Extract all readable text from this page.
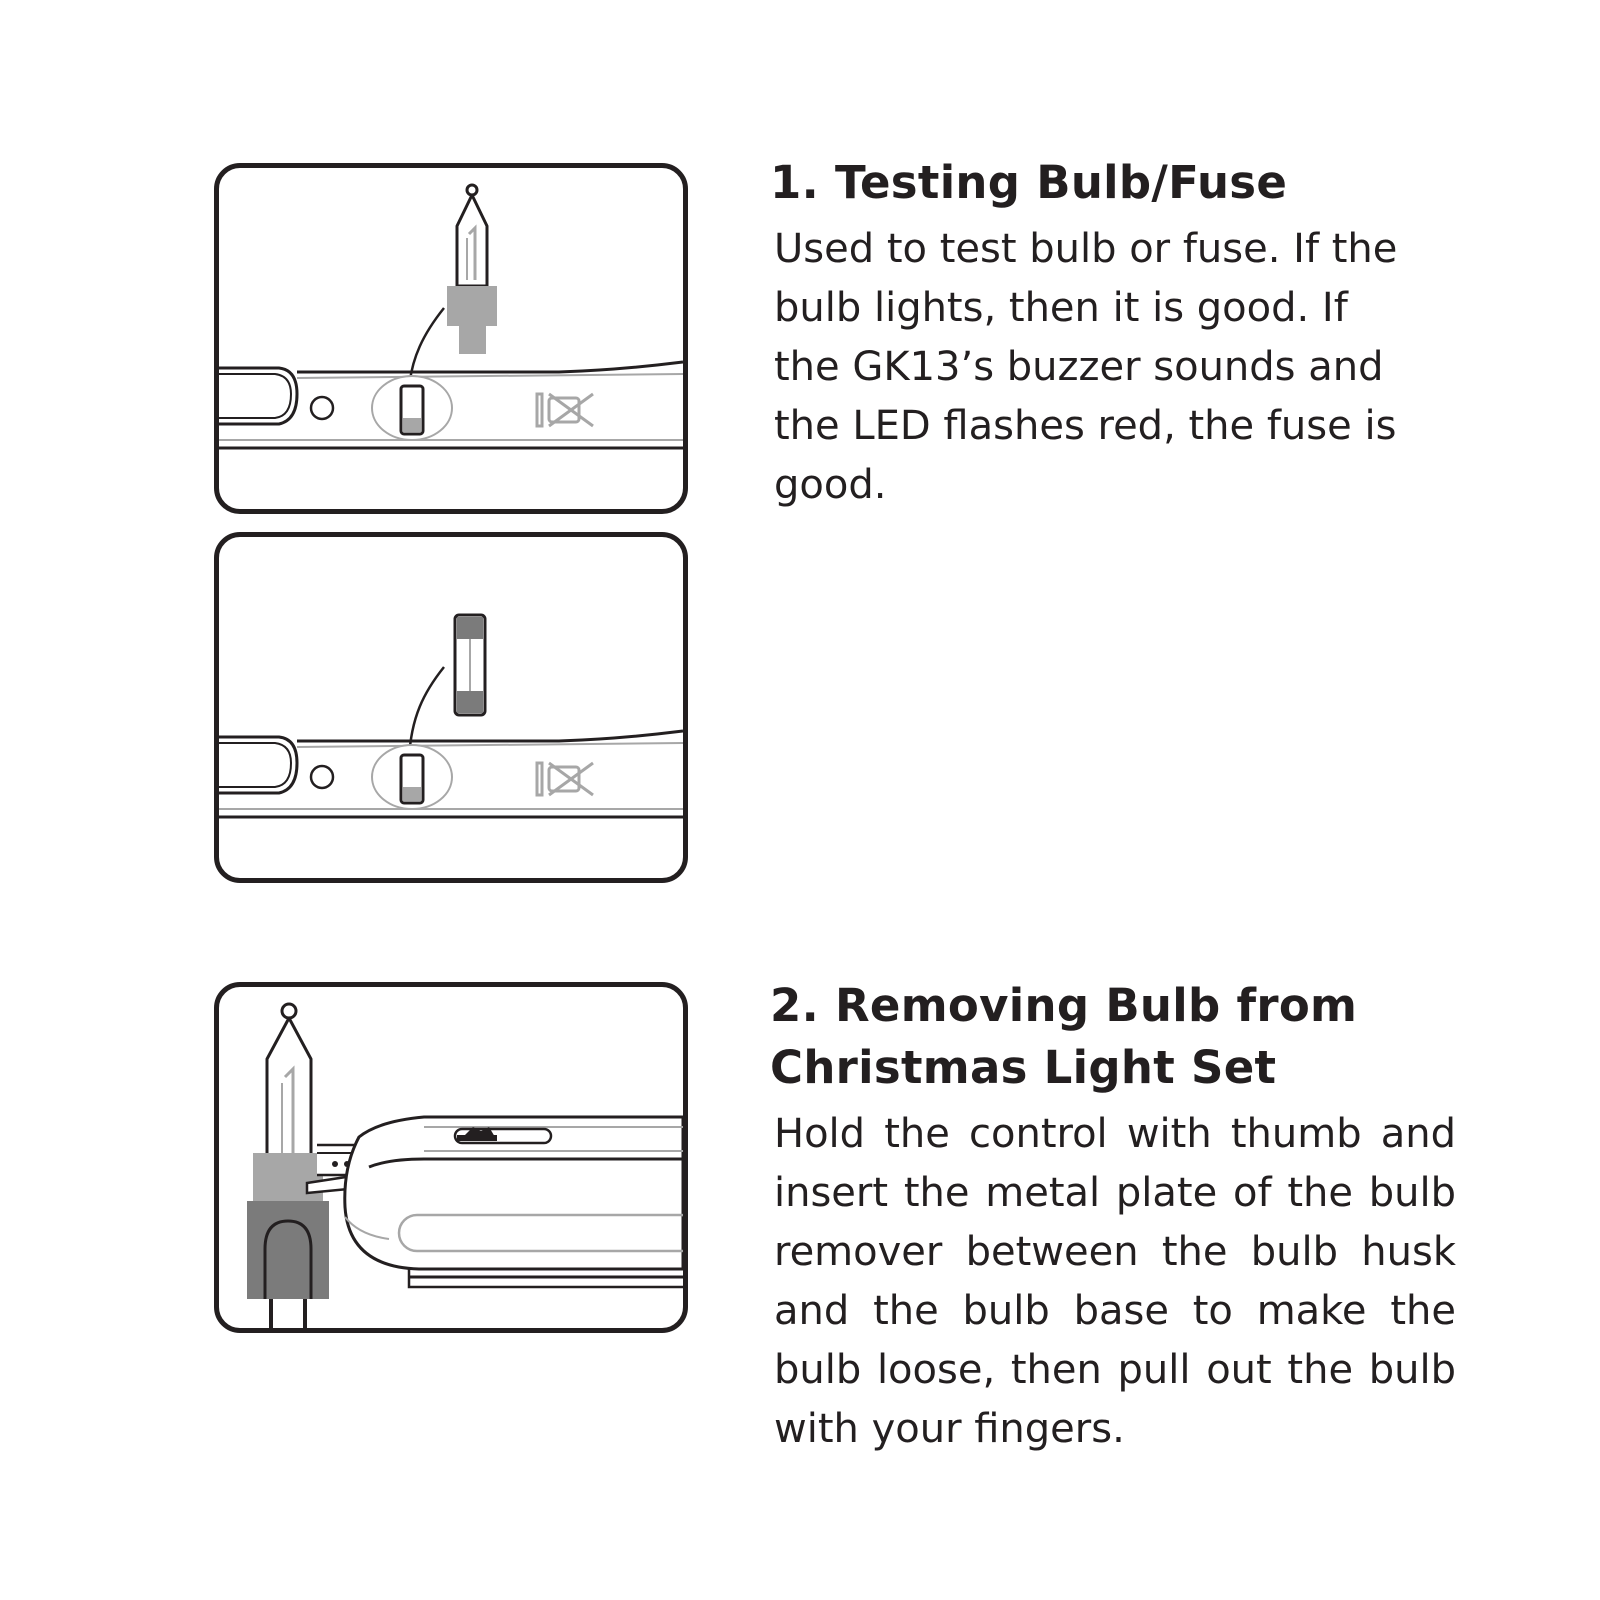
1. Testing Bulb/Fuse

Used to test bulb or fuse. If the bulb lights, then it is good. If the GK13’s buzzer sounds and the LED flashes red, the fuse is good.

2. Removing Bulb from Christmas Light Set

Hold the control with thumb and insert the metal plate of the bulb remover between the bulb husk and the bulb base to make the bulb loose, then pull out the bulb with your fingers.
